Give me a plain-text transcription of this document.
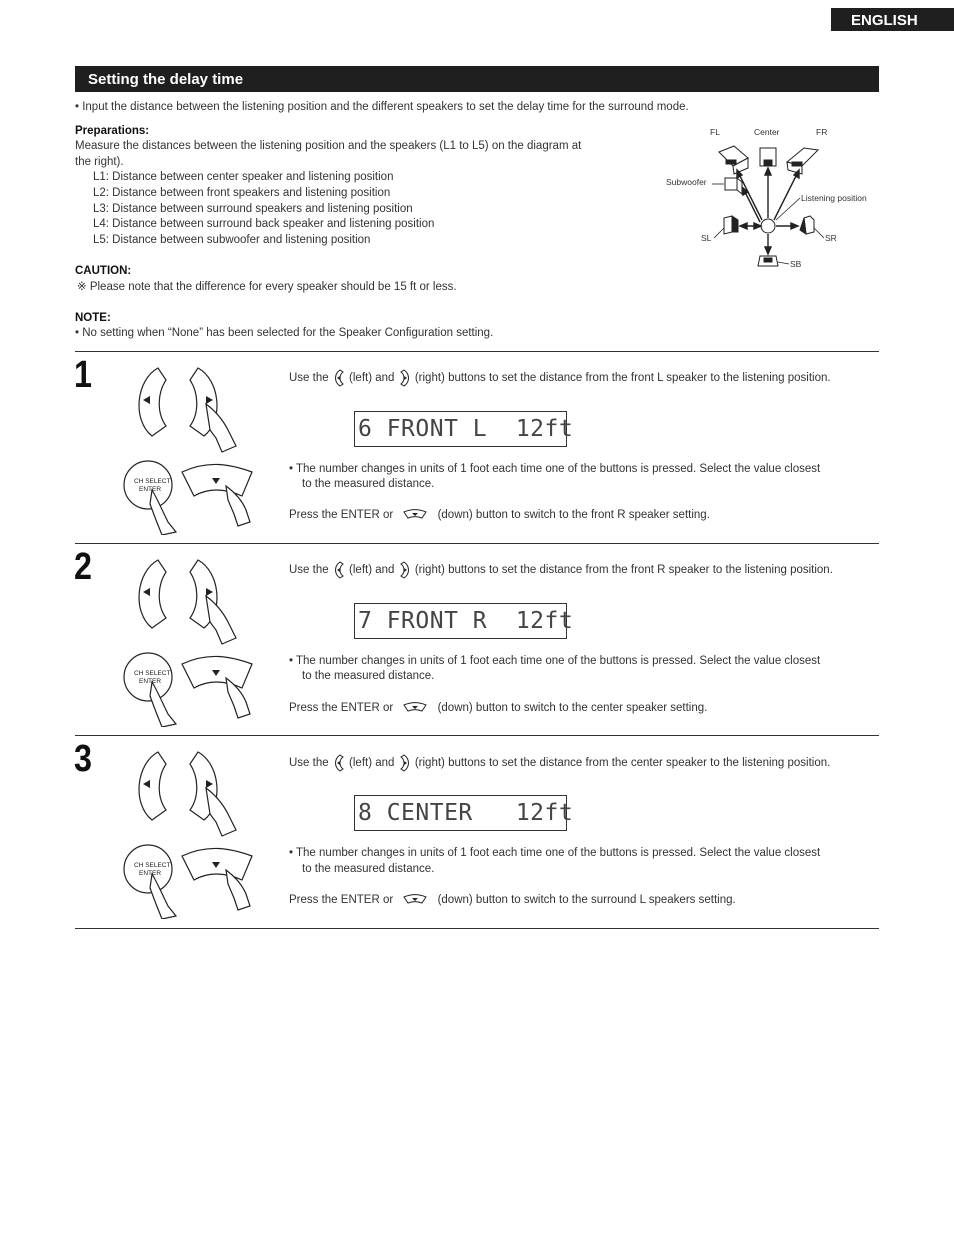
ENGLISH
Setting the delay time
• Input the distance between the listening position and the different speakers to set the delay time for the surround mode.
Preparations:
Measure the distances between the listening position and the speakers (L1 to L5) on the diagram at
the right).
L1: Distance between center speaker and listening position
L2: Distance between front speakers and listening position
L3: Distance between surround speakers and listening position
L4: Distance between surround back speaker and listening position
L5: Distance between subwoofer and listening position
CAUTION:
※ Please note that the difference for every speaker should be 15 ft or less.
NOTE:
• No setting when “None” has been selected for the Speaker Configuration setting.
FL	Center	FR
Subwoofer
Listening position
SL	SR
SB
1
CH SELECT
ENTER
Use the (left) and (right) buttons to set the distance from the front L speaker to the listening position.
6 FRONT L  12ft
• The number changes in units of 1 foot each time one of the buttons is pressed. Select the value closest
to the measured distance.
Press the ENTER or	(down) button to switch to the front R speaker setting.
2
CH SELECT
ENTER
Use the (left) and (right) buttons to set the distance from the front R speaker to the listening position.
7 FRONT R  12ft
• The number changes in units of 1 foot each time one of the buttons is pressed. Select the value closest
to the measured distance.
Press the ENTER or	(down) button to switch to the center speaker setting.
3
CH SELECT
ENTER
Use the (left) and (right) buttons to set the distance from the center speaker to the listening position.
8 CENTER   12ft
• The number changes in units of 1 foot each time one of the buttons is pressed. Select the value closest
to the measured distance.
Press the ENTER or	(down) button to switch to the surround L speakers setting.
